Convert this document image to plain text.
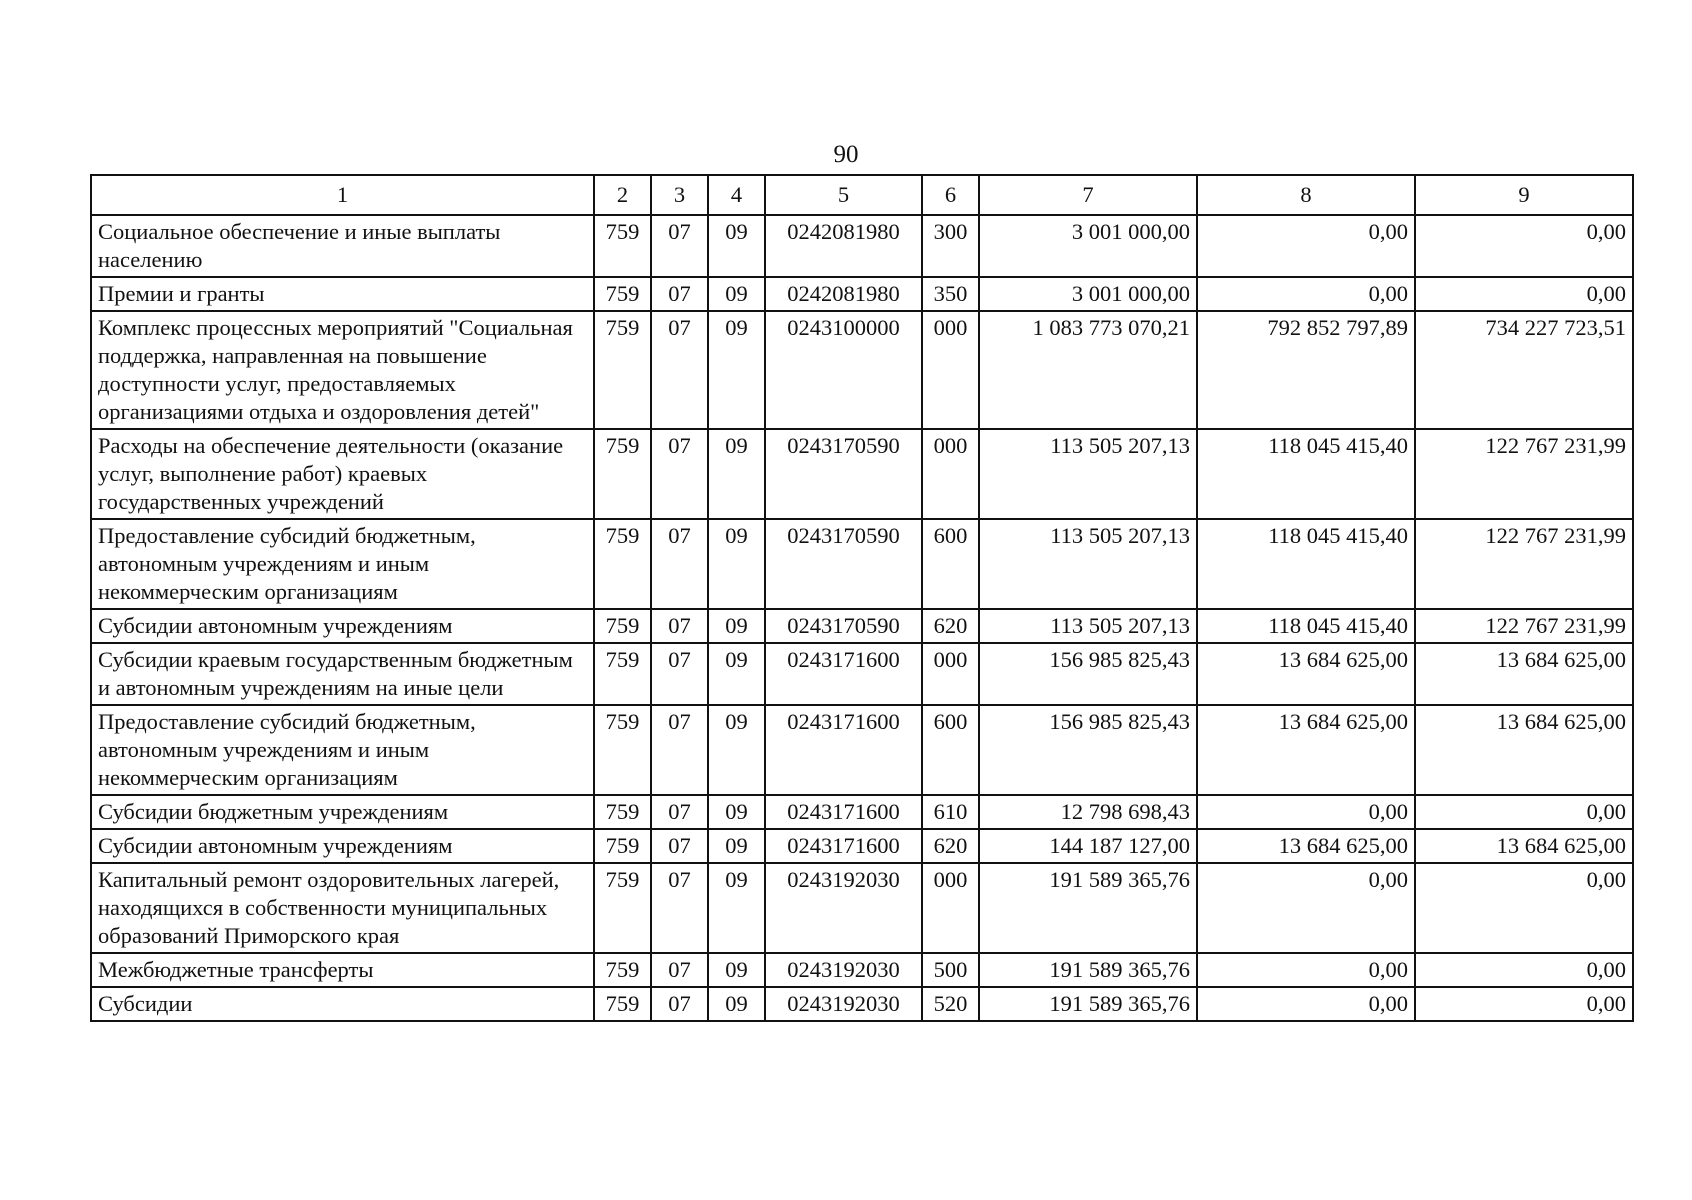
90
1	2	3	4	5	6	7	8	9
Социальное обеспечение и иные выплаты населению	759	07	09	0242081980	300	3 001 000,00	0,00	0,00
Премии и гранты	759	07	09	0242081980	350	3 001 000,00	0,00	0,00
Комплекс процессных мероприятий "Социальная поддержка, направленная на повышение доступности услуг, предоставляемых организациями отдыха и оздоровления детей"	759	07	09	0243100000	000	1 083 773 070,21	792 852 797,89	734 227 723,51
Расходы на обеспечение деятельности (оказание услуг, выполнение работ) краевых государственных учреждений	759	07	09	0243170590	000	113 505 207,13	118 045 415,40	122 767 231,99
Предоставление субсидий бюджетным, автономным учреждениям и иным некоммерческим организациям	759	07	09	0243170590	600	113 505 207,13	118 045 415,40	122 767 231,99
Субсидии автономным учреждениям	759	07	09	0243170590	620	113 505 207,13	118 045 415,40	122 767 231,99
Субсидии краевым государственным бюджетным и автономным учреждениям на иные цели	759	07	09	0243171600	000	156 985 825,43	13 684 625,00	13 684 625,00
Предоставление субсидий бюджетным, автономным учреждениям и иным некоммерческим организациям	759	07	09	0243171600	600	156 985 825,43	13 684 625,00	13 684 625,00
Субсидии бюджетным учреждениям	759	07	09	0243171600	610	12 798 698,43	0,00	0,00
Субсидии автономным учреждениям	759	07	09	0243171600	620	144 187 127,00	13 684 625,00	13 684 625,00
Капитальный ремонт оздоровительных лагерей, находящихся в собственности муниципальных образований Приморского края	759	07	09	0243192030	000	191 589 365,76	0,00	0,00
Межбюджетные трансферты	759	07	09	0243192030	500	191 589 365,76	0,00	0,00
Субсидии	759	07	09	0243192030	520	191 589 365,76	0,00	0,00
